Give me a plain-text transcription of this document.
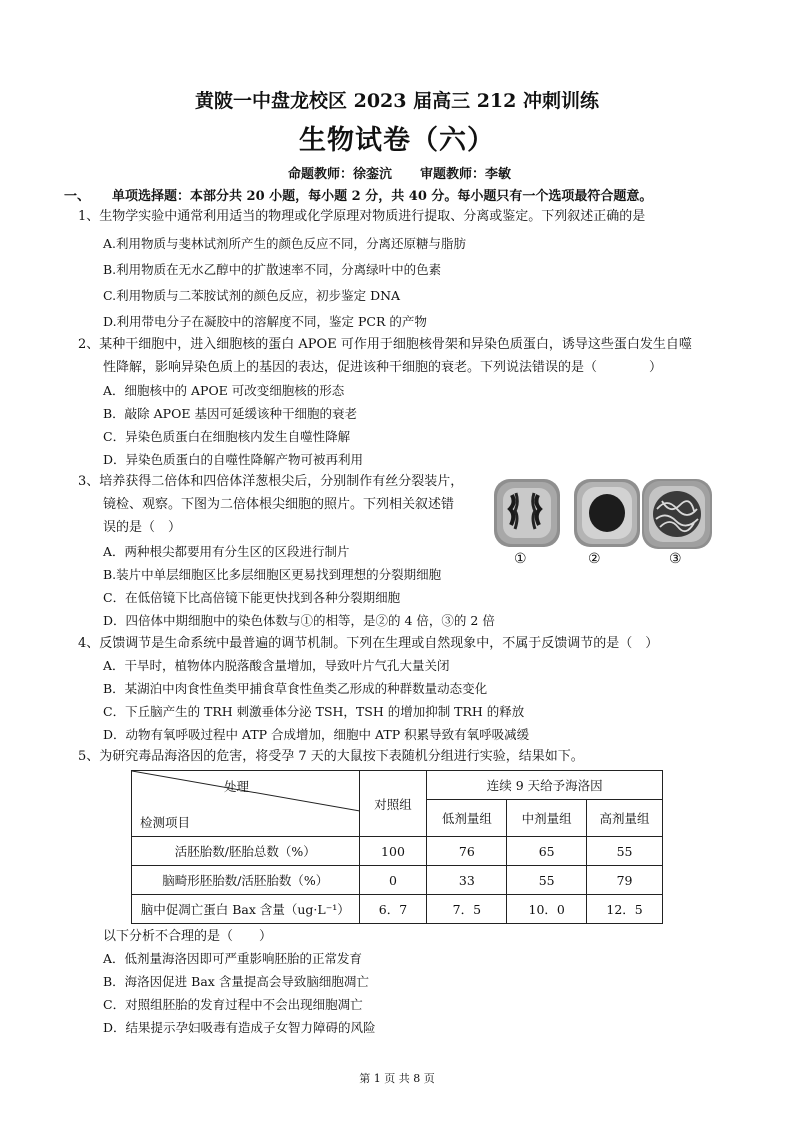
黄陂一中盘龙校区 2023 届高三 212 冲刺训练
生物试卷（六）
命题教师：徐銮沆 审题教师：李敏
一、 单项选择题：本部分共 20 小题，每小题 2 分，共 40 分。每小题只有一个选项最符合题意。
1、生物学实验中通常利用适当的物理或化学原理对物质进行提取、分离或鉴定。下列叙述正确的是
A.利用物质与斐林试剂所产生的颜色反应不同，分离还原糖与脂肪
B.利用物质在无水乙醇中的扩散速率不同，分离绿叶中的色素
C.利用物质与二苯胺试剂的颜色反应，初步鉴定 DNA
D.利用带电分子在凝胶中的溶解度不同，鉴定 PCR 的产物
2、某种干细胞中，进入细胞核的蛋白 APOE 可作用于细胞核骨架和异染色质蛋白，诱导这些蛋白发生自噬
性降解，影响异染色质上的基因的表达，促进该种干细胞的衰老。下列说法错误的是（　　　　）
A．细胞核中的 APOE 可改变细胞核的形态
B．敲除 APOE 基因可延缓该种干细胞的衰老
C．异染色质蛋白在细胞核内发生自噬性降解
D．异染色质蛋白的自噬性降解产物可被再利用
3、培养获得二倍体和四倍体洋葱根尖后，分别制作有丝分裂装片，
镜检、观察。下图为二倍体根尖细胞的照片。下列相关叙述错
误的是（　）
A．两种根尖都要用有分生区的区段进行制片
B.装片中单层细胞区比多层细胞区更易找到理想的分裂期细胞
C．在低倍镜下比高倍镜下能更快找到各种分裂期细胞
D．四倍体中期细胞中的染色体数与①的相等，是②的 4 倍，③的 2 倍
①	②	③
4、反馈调节是生命系统中最普遍的调节机制。下列在生理或自然现象中，不属于反馈调节的是（　）
A．干旱时，植物体内脱落酸含量增加，导致叶片气孔大量关闭
B．某湖泊中肉食性鱼类甲捕食草食性鱼类乙形成的种群数量动态变化
C．下丘脑产生的 TRH 刺激垂体分泌 TSH，TSH 的增加抑制 TRH 的释放
D．动物有氧呼吸过程中 ATP 合成增加，细胞中 ATP 积累导致有氧呼吸减缓
5、为研究毒品海洛因的危害，将受孕 7 天的大鼠按下表随机分组进行实验，结果如下。
处理
检测项目	对照组	连续 9 天给予海洛因		
		低剂量组	中剂量组	高剂量组
活胚胎数/胚胎总数（%）	100	76	65	55
脑畸形胚胎数/活胚胎数（%）	0	33	55	79
脑中促凋亡蛋白 Bax 含量（ug·L⁻¹）	6．7	7．5	10．0	12．5
以下分析不合理的是（　　）
A．低剂量海洛因即可严重影响胚胎的正常发育
B．海洛因促进 Bax 含量提高会导致脑细胞凋亡
C．对照组胚胎的发育过程中不会出现细胞凋亡
D．结果提示孕妇吸毒有造成子女智力障碍的风险
第 1 页 共 8 页
